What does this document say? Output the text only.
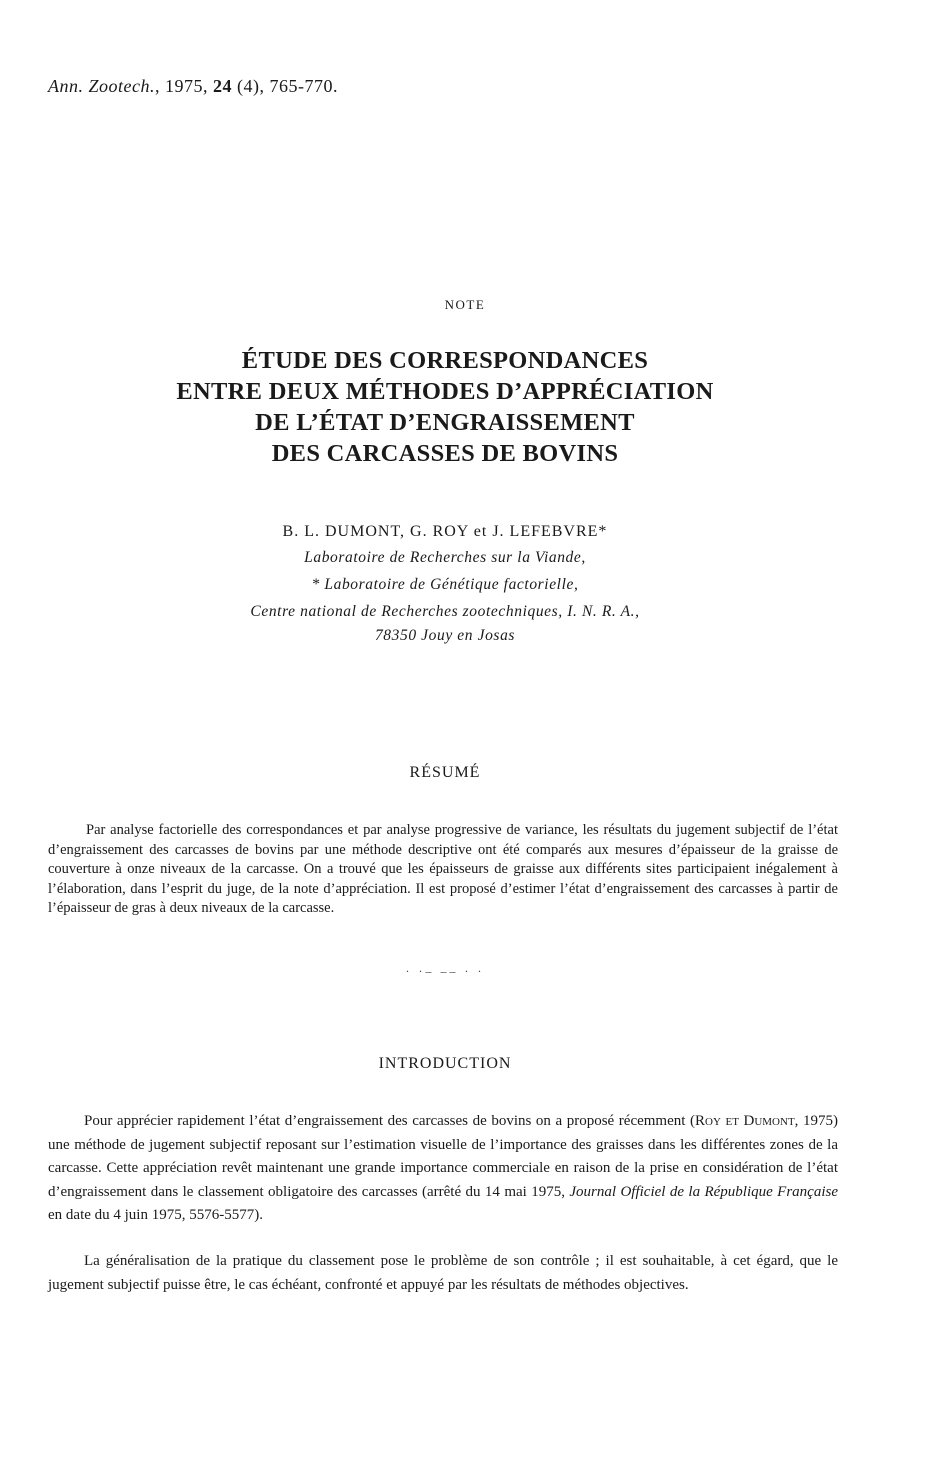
Ann. Zootech., 1975, 24 (4), 765-770.
NOTE
ÉTUDE DES CORRESPONDANCES
ENTRE DEUX MÉTHODES D’APPRÉCIATION
DE L’ÉTAT D’ENGRAISSEMENT
DES CARCASSES DE BOVINS
B. L. DUMONT, G. ROY et J. LEFEBVRE*
Laboratoire de Recherches sur la Viande,
* Laboratoire de Génétique factorielle,
Centre national de Recherches zootechniques, I. N. R. A.,
78350 Jouy en Josas
RÉSUMÉ

Par analyse factorielle des correspondances et par analyse progressive de variance, les résultats du jugement subjectif de l’état d’engraissement des carcasses de bovins par une méthode descriptive ont été comparés aux mesures d’épaisseur de la graisse de couverture à onze niveaux de la carcasse. On a trouvé que les épaisseurs de graisse aux différents sites participaient inégalement à l’élaboration, dans l’esprit du juge, de la note d’appréciation. Il est proposé d’estimer l’état d’engraissement des carcasses à partir de l’épaisseur de gras à deux niveaux de la carcasse.

· ·– –– · ·
INTRODUCTION

Pour apprécier rapidement l’état d’engraissement des carcasses de bovins on a proposé récemment (Roy et Dumont, 1975) une méthode de jugement subjectif reposant sur l’estimation visuelle de l’importance des graisses dans les différentes zones de la carcasse. Cette appréciation revêt maintenant une grande importance commerciale en raison de la prise en considération de l’état d’engraissement dans le classement obligatoire des carcasses (arrêté du 14 mai 1975, Journal Officiel de la République Française en date du 4 juin 1975, 5576-5577).

La généralisation de la pratique du classement pose le problème de son contrôle ; il est souhaitable, à cet égard, que le jugement subjectif puisse être, le cas échéant, confronté et appuyé par les résultats de méthodes objectives.
